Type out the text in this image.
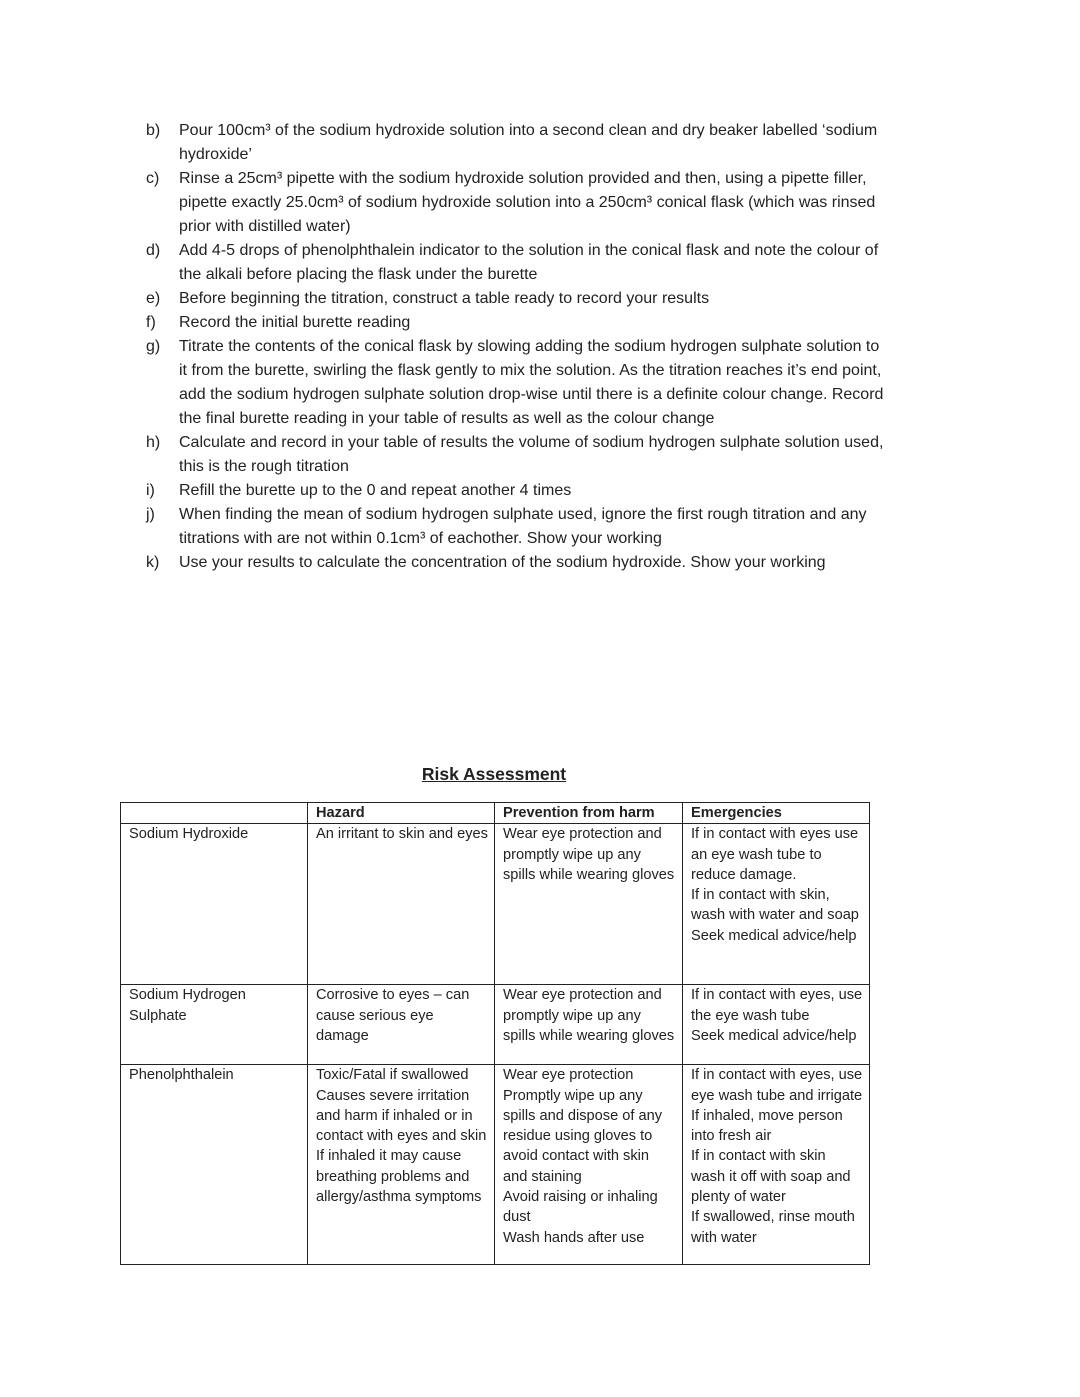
b)	Pour 100cm³ of the sodium hydroxide solution into a second clean and dry beaker labelled ‘sodium hydroxide’
c)	Rinse a 25cm³ pipette with the sodium hydroxide solution provided and then, using a pipette filler, pipette exactly 25.0cm³ of sodium hydroxide solution into a 250cm³ conical flask (which was rinsed prior with distilled water)
d)	Add 4-5 drops of phenolphthalein indicator to the solution in the conical flask and note the colour of the alkali before placing the flask under the burette
e)	Before beginning the titration, construct a table ready to record your results
f)	Record the initial burette reading
g)	Titrate the contents of the conical flask by slowing adding the sodium hydrogen sulphate solution to it from the burette, swirling the flask gently to mix the solution. As the titration reaches it’s end point, add the sodium hydrogen sulphate solution drop-wise until there is a definite colour change. Record the final burette reading in your table of results as well as the colour change
h)	Calculate and record in your table of results the volume of sodium hydrogen sulphate solution used, this is the rough titration
i)	Refill the burette up to the 0 and repeat another 4 times
j)	When finding the mean of sodium hydrogen sulphate used, ignore the first rough titration and any titrations with are not within 0.1cm³ of eachother. Show your working
k)	Use your results to calculate the concentration of the sodium hydroxide. Show your working
Risk Assessment
	Hazard	Prevention from harm	Emergencies
Sodium Hydroxide	An irritant to skin and eyes	Wear eye protection and promptly wipe up any spills while wearing gloves	If in contact with eyes use an eye wash tube to reduce damage.
If in contact with skin, wash with water and soap
Seek medical advice/help

Sodium Hydrogen Sulphate	Corrosive to eyes – can cause serious eye damage	Wear eye protection and promptly wipe up any spills while wearing gloves	If in contact with eyes, use the eye wash tube
Seek medical advice/help

Phenolphthalein	Toxic/Fatal if swallowed
Causes severe irritation and harm if inhaled or in contact with eyes and skin
If inhaled it may cause breathing problems and allergy/asthma symptoms	Wear eye protection
Promptly wipe up any spills and dispose of any residue using gloves to avoid contact with skin and staining
Avoid raising or inhaling dust
Wash hands after use	If in contact with eyes, use eye wash tube and irrigate
If inhaled, move person into fresh air
If in contact with skin wash it off with soap and plenty of water
If swallowed, rinse mouth with water
